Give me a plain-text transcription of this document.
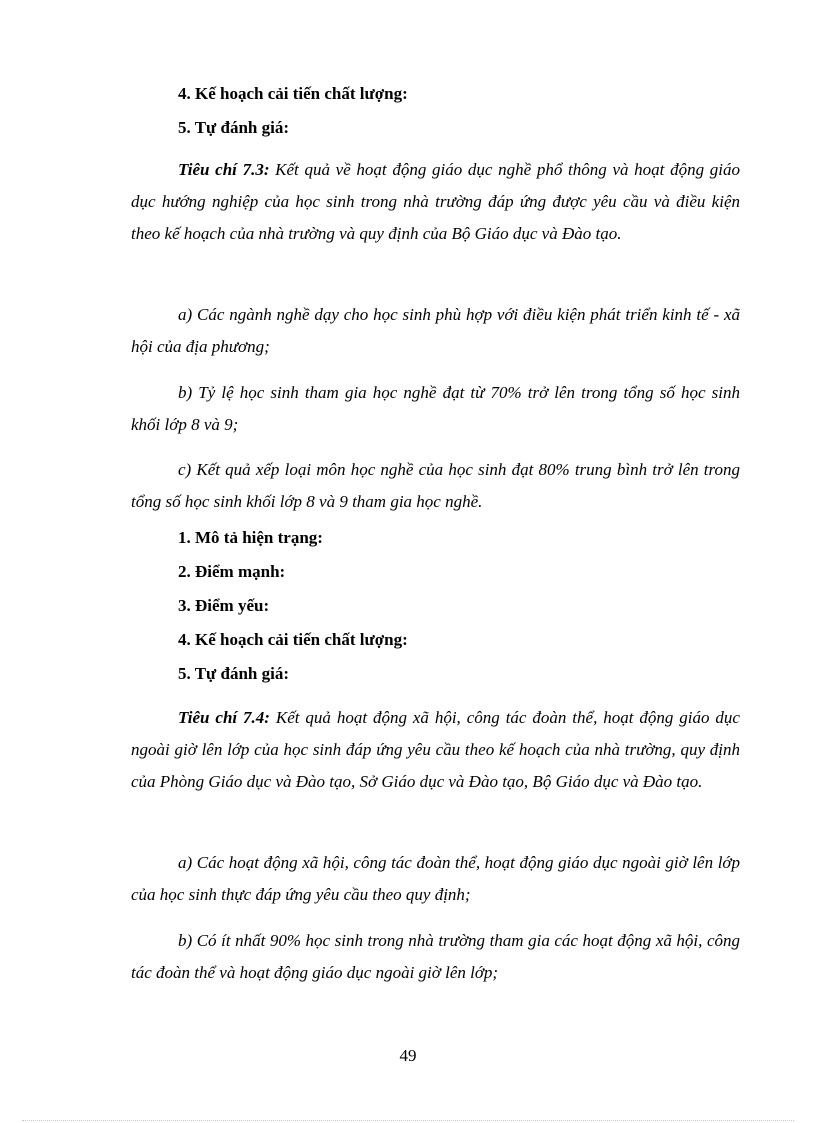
4. Kế hoạch cải tiến chất lượng:
5. Tự đánh giá:
Tiêu chí 7.3: Kết quả về hoạt động giáo dục nghề phổ thông và hoạt động giáo dục hướng nghiệp của học sinh trong nhà trường đáp ứng được yêu cầu và điều kiện theo kế hoạch của nhà trường và quy định của Bộ Giáo dục và Đào tạo.
a) Các ngành nghề dạy cho học sinh phù hợp với điều kiện phát triển kinh tế - xã hội của địa phương;
b) Tỷ lệ học sinh tham gia học nghề đạt từ 70% trở lên trong tổng số học sinh khối lớp 8 và 9;
c) Kết quả xếp loại môn học nghề của học sinh đạt 80% trung bình trở lên trong tổng số học sinh khối lớp 8 và 9 tham gia học nghề.
1. Mô tả hiện trạng:
2. Điểm mạnh:
3. Điểm yếu:
4. Kế hoạch cải tiến chất lượng:
5. Tự đánh giá:
Tiêu chí 7.4: Kết quả hoạt động xã hội, công tác đoàn thể, hoạt động giáo dục ngoài giờ lên lớp của học sinh đáp ứng yêu cầu theo kế hoạch của nhà trường, quy định của Phòng Giáo dục và Đào tạo, Sở Giáo dục và Đào tạo, Bộ Giáo dục và Đào tạo.
a) Các hoạt động xã hội, công tác đoàn thể, hoạt động giáo dục ngoài giờ lên lớp của học sinh thực đáp ứng yêu cầu theo quy định;
b) Có ít nhất 90% học sinh trong nhà trường tham gia các hoạt động xã hội, công tác đoàn thể và hoạt động giáo dục ngoài giờ lên lớp;
49
